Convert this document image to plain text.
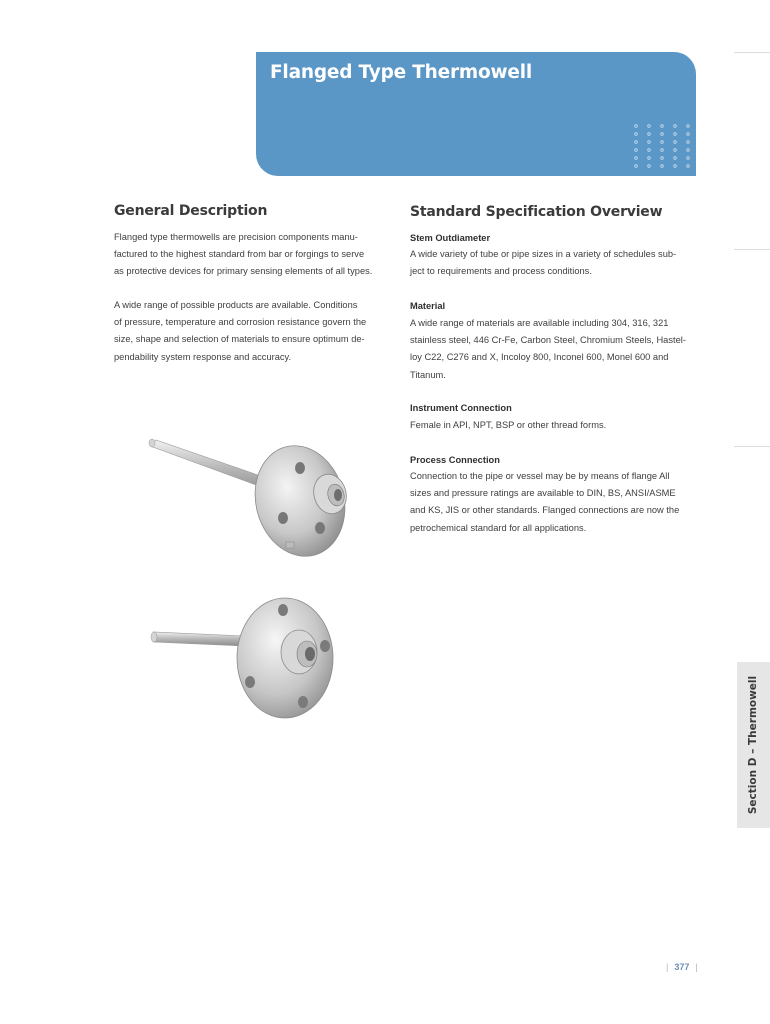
Flanged Type Thermowell
General Description
Flanged type thermowells are precision components manu-
factured to the highest standard from bar or forgings to serve
as protective devices for primary sensing elements of all types.
A wide range of possible products are available. Conditions
of pressure, temperature and corrosion resistance govern the
size, shape and selection of materials to ensure optimum de-
pendability system response and accuracy.
Standard Specification Overview
Stem Outdiameter
A wide variety of tube or pipe sizes in a variety of schedules sub-
ject to requirements and process conditions.
Material
A wide range of materials are available including 304, 316, 321
stainless steel, 446 Cr-Fe, Carbon Steel, Chromium Steels, Hastel-
loy C22, C276 and X, Incoloy 800, Inconel 600, Monel 600 and
Titanum.
Instrument Connection
Female in API, NPT, BSP or other thread forms.
Process Connection
Connection to the pipe or vessel may be by means of flange All
sizes and pressure ratings are available to DIN, BS, ANSI/ASME
and KS, JIS or other standards. Flanged connections are now the
petrochemical standard for all applications.
Section D – Thermowell
| 377 |
